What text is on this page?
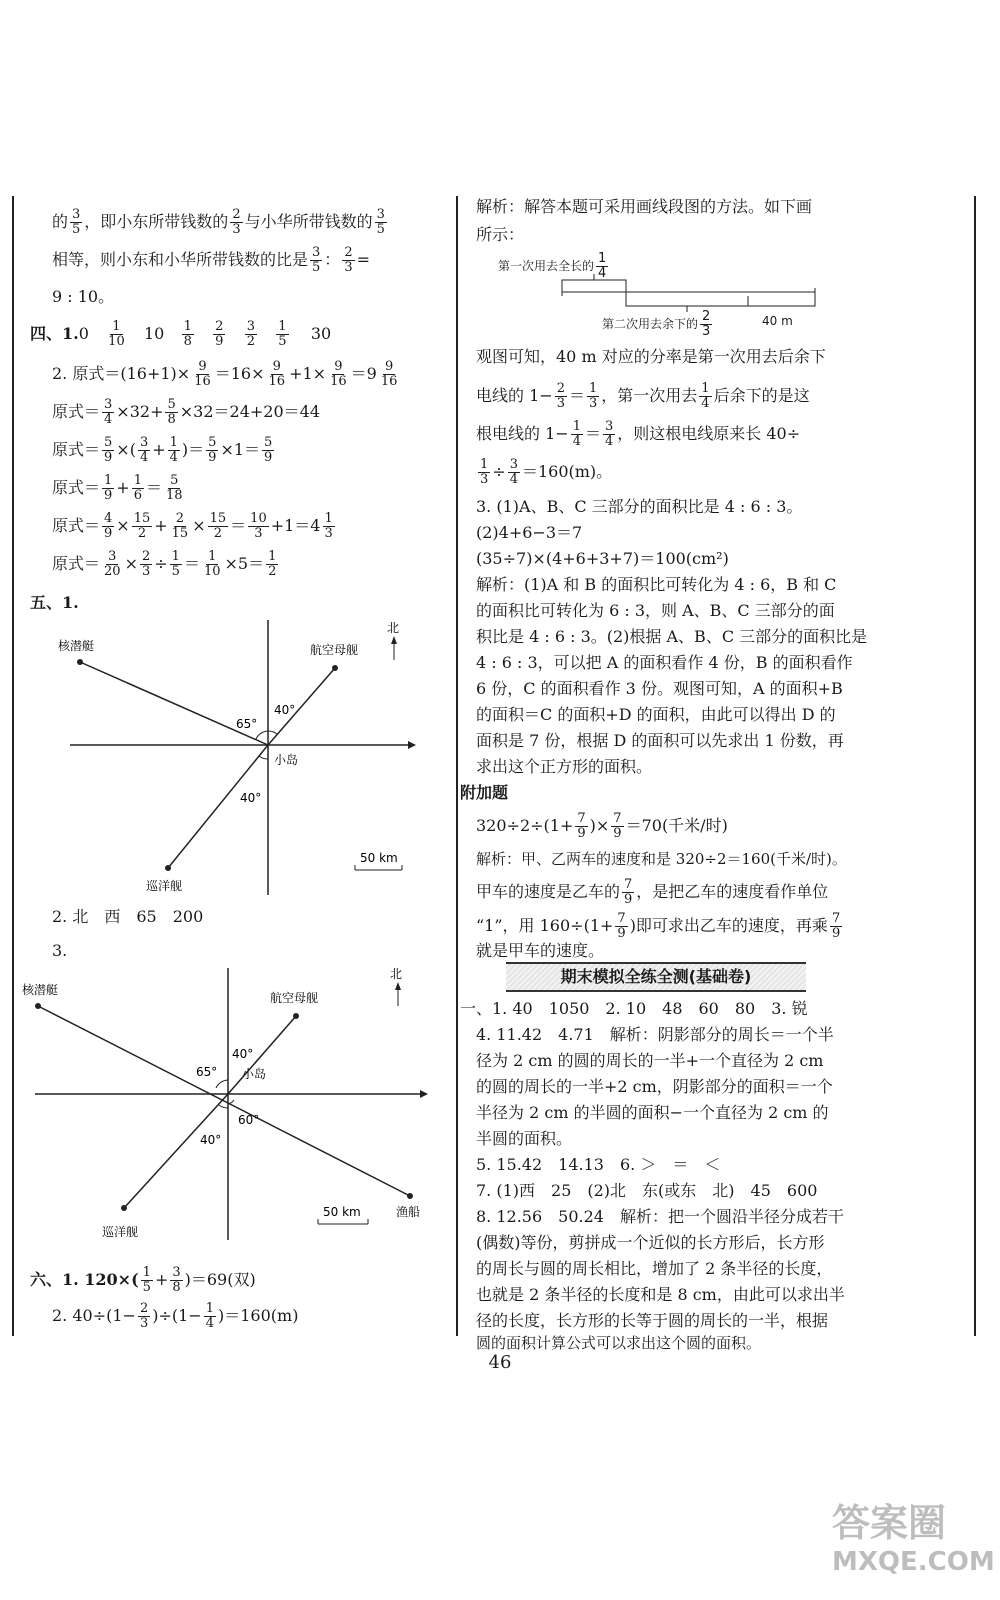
的 $\frac{3}{5}$ ，即小东所带钱数的 $\frac{2}{3}$ 与小华所带钱数的 $\frac{3}{5}$
相等，则小东和小华所带钱数的比是 $\frac{3}{5}$ ： $\frac{2}{3}$ =
9 : 10。
四、$1.0 \frac{1}{10} 10 \frac{1}{8}$
$\frac{2}{9}$
$\frac{3}{2}$
$\frac{1}{5} 30$
2. 原式$=(16+1)\times \frac{9}{16} =16\times \frac{9}{16} +1\times \frac{9}{16} =9 \frac{9}{16}$
原式＝ $\frac{3}{4} \times 32+ \frac{5}{8} \times 32=24+20=44$
原式＝ $\frac{5}{9}$ ×( $\frac{3}{4} + \frac{1}{4}$ )＝ $\frac{5}{9} \times 1= \frac{5}{9}$
原式＝ $\frac{1}{9} + \frac{1}{6} = \frac{5}{18}$
原式＝ $\frac{4}{9} \times \frac{15}{2} + \frac{2}{15} \times \frac{15}{2} = \frac{10}{3} +1=4 \frac{1}{3}$
原式＝ $\frac{3}{20} \times \frac{2}{3} \div \frac{1}{5} = \frac{1}{10} \times 5= \frac{1}{2}$
五、1.
核潜艇	航空母舰
小岛
巡洋舰
北
65°
40°
40°
50 km
2. 北　西　65　200
3.
核潜艇
航空母舰
小岛
巡洋舰
渔船
北
65°
40°
40°
60°
50 km
六、1. $120\times( \frac{1}{5} + \frac{3}{8} )=69$(双)
2. $40\div(1- \frac{2}{3} )\div(1- \frac{1}{4} )=160(m)$
解析：解答本题可采用画线段图的方法。如下画
所示：
第一次用去全长的 $\frac{1}{4}$
第二次用去余下的 $\frac{2}{3}$	40 m
观图可知，40 m 对应的分率是第一次用去后余下
电线的 $1- \frac{2}{3} = \frac{1}{3}$ ，第一次用去 $\frac{1}{4}$ 后余下的是这
根电线的 $1- \frac{1}{4} = \frac{3}{4}$ ，则这根电线原来长 40÷
$\frac{1}{3} \div \frac{3}{4} =160(m)$。
3. (1)A、B、C 三部分的面积比是 4 : 6 : 3。
(2)4+6−3＝7
(35÷7)×(4+6+3+7)＝100(cm²)
解析：(1)A 和 B 的面积比可转化为 4 : 6，B 和 C
的面积比可转化为 6 : 3，则 A、B、C 三部分的面
积比是 4 : 6 : 3。(2)根据 A、B、C 三部分的面积比是
4 : 6 : 3，可以把 A 的面积看作 4 份，B 的面积看作
6 份，C 的面积看作 3 份。观图可知，A 的面积+B
的面积＝C 的面积+D 的面积，由此可以得出 D 的
面积是 7 份，根据 D 的面积可以先求出 1 份数，再
求出这个正方形的面积。
附加题
$320\div 2\div(1+ \frac{7}{9}$ )× $\frac{7}{9} =70$(千米/时)
解析：甲、乙两车的速度和是 320÷2＝160(千米/时)。
甲车的速度是乙车的 $\frac{7}{9}$ ，是把乙车的速度看作单位
“1”，用 $160\div(1+ \frac{7}{9}$ )即可求出乙车的速度，再乘 $\frac{7}{9}$
就是甲车的速度。
期末模拟全练全测(基础卷)
一、1. 40　1050　2. 10　48　60　80　3. 锐
4. 11.42　4.71　解析：阴影部分的周长＝一个半
径为 2 cm 的圆的周长的一半+一个直径为 2 cm
的圆的周长的一半+2 cm，阴影部分的面积＝一个
半径为 2 cm 的半圆的面积−一个直径为 2 cm 的
半圆的面积。
5. 15.42　14.13　6. ＞　＝　＜
7. (1)西　25　(2)北　东(或东　北)　45　600
8. 12.56　50.24　解析：把一个圆沿半径分成若干
(偶数)等份，剪拼成一个近似的长方形后，长方形
的周长与圆的周长相比，增加了 2 条半径的长度，
也就是 2 条半径的长度和是 8 cm，由此可以求出半
径的长度，长方形的长等于圆的周长的一半，根据
圆的面积计算公式可以求出这个圆的面积。
46
答案圈
MXQE.COM
